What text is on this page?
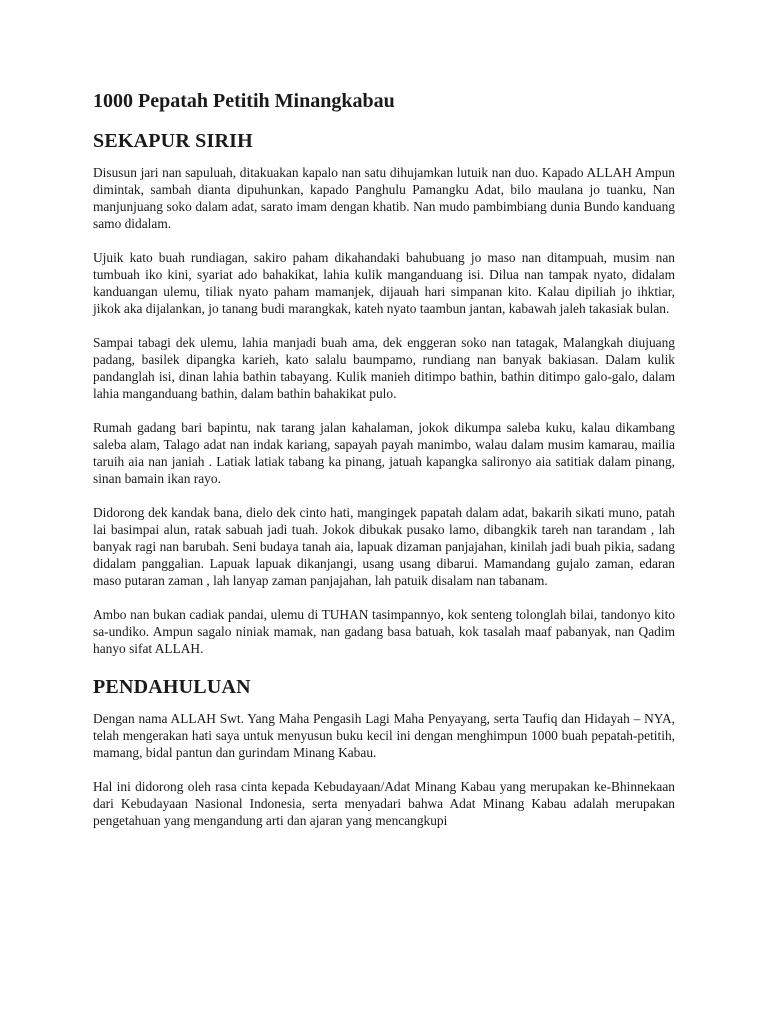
1000 Pepatah Petitih Minangkabau
SEKAPUR SIRIH

Disusun jari nan sapuluah, ditakuakan kapalo nan satu dihujamkan lutuik nan duo. Kapado ALLAH Ampun dimintak, sambah dianta dipuhunkan, kapado Panghulu Pamangku Adat, bilo maulana jo tuanku, Nan manjunjuang soko dalam adat, sarato imam dengan khatib. Nan mudo pambimbiang dunia Bundo kanduang samo didalam.

Ujuik kato buah rundiagan, sakiro paham dikahandaki bahubuang jo maso nan ditampuah, musim nan tumbuah iko kini, syariat ado bahakikat, lahia kulik manganduang isi. Dilua nan tampak nyato, didalam kanduangan ulemu, tiliak nyato paham mamanjek, dijauah hari simpanan kito. Kalau dipiliah jo ihktiar, jikok aka dijalankan, jo tanang budi marangkak, kateh nyato taambun jantan, kabawah jaleh takasiak bulan.

Sampai tabagi dek ulemu, lahia manjadi buah ama, dek enggeran soko nan tatagak, Malangkah diujuang padang, basilek dipangka karieh, kato salalu baumpamo, rundiang nan banyak bakiasan. Dalam kulik pandanglah isi, dinan lahia bathin tabayang. Kulik manieh ditimpo bathin, bathin ditimpo galo-galo, dalam lahia manganduang bathin, dalam bathin bahakikat pulo.

Rumah gadang bari bapintu, nak tarang jalan kahalaman, jokok dikumpa saleba kuku, kalau dikambang saleba alam, Talago adat nan indak kariang, sapayah payah manimbo, walau dalam musim kamarau, mailia taruih aia nan janiah . Latiak latiak tabang ka pinang, jatuah kapangka salironyo aia satitiak dalam pinang, sinan bamain ikan rayo.

Didorong dek kandak bana, dielo dek cinto hati, mangingek papatah dalam adat, bakarih sikati muno, patah lai basimpai alun, ratak sabuah jadi tuah. Jokok dibukak pusako lamo, dibangkik tareh nan tarandam , lah banyak ragi nan barubah. Seni budaya tanah aia, lapuak dizaman panjajahan, kinilah jadi buah pikia, sadang didalam panggalian. Lapuak lapuak dikanjangi, usang usang dibarui. Mamandang gujalo zaman, edaran maso putaran zaman , lah lanyap zaman panjajahan, lah patuik disalam nan tabanam.

Ambo nan bukan cadiak pandai, ulemu di TUHAN tasimpannyo, kok senteng tolonglah bilai, tandonyo kito sa-undiko. Ampun sagalo niniak mamak, nan gadang basa batuah, kok tasalah maaf pabanyak, nan Qadim hanyo sifat ALLAH.

PENDAHULUAN

Dengan nama ALLAH Swt. Yang Maha Pengasih Lagi Maha Penyayang, serta Taufiq dan Hidayah – NYA, telah mengerakan hati saya untuk menyusun buku kecil ini dengan menghimpun 1000 buah pepatah-petitih, mamang, bidal pantun dan gurindam Minang Kabau.

Hal ini didorong oleh rasa cinta kepada Kebudayaan/Adat Minang Kabau yang merupakan ke-Bhinnekaan dari Kebudayaan Nasional Indonesia, serta menyadari bahwa Adat Minang Kabau adalah merupakan pengetahuan yang mengandung arti dan ajaran yang mencangkupi
